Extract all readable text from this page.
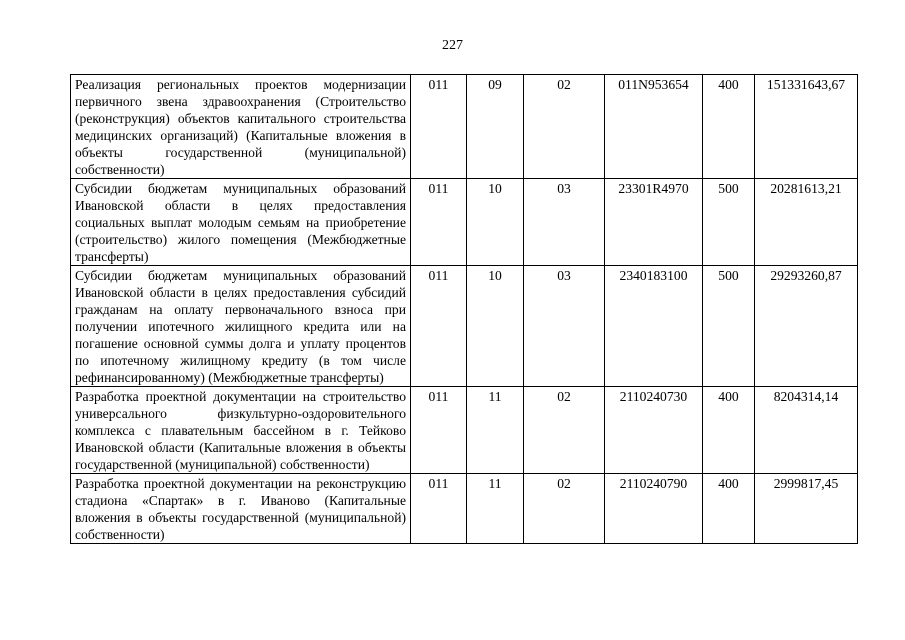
227
Реализация региональных проектов модернизации первичного звена здравоохранения (Строительство (реконструкция) объектов капитального строительства медицинских организаций) (Капитальные вложения в объекты государственной (муниципальной) собственности)	011	09	02	011N953654	400	151331643,67
Субсидии бюджетам муниципальных образований Ивановской области в целях предоставления социальных выплат молодым семьям на приобретение (строительство) жилого помещения (Межбюджетные трансферты)	011	10	03	23301R4970	500	20281613,21
Субсидии бюджетам муниципальных образований Ивановской области в целях предоставления субсидий гражданам на оплату первоначального взноса при получении ипотечного жилищного кредита или на погашение основной суммы долга и уплату процентов по ипотечному жилищному кредиту (в том числе рефинансированному) (Межбюджетные трансферты)	011	10	03	2340183100	500	29293260,87
Разработка проектной документации на строительство универсального физкультурно-оздоровительного комплекса с плавательным бассейном в г. Тейково Ивановской области (Капитальные вложения в объекты государственной (муниципальной) собственности)	011	11	02	2110240730	400	8204314,14
Разработка проектной документации на реконструкцию стадиона «Спартак» в г. Иваново (Капитальные вложения в объекты государственной (муниципальной) собственности)	011	11	02	2110240790	400	2999817,45
